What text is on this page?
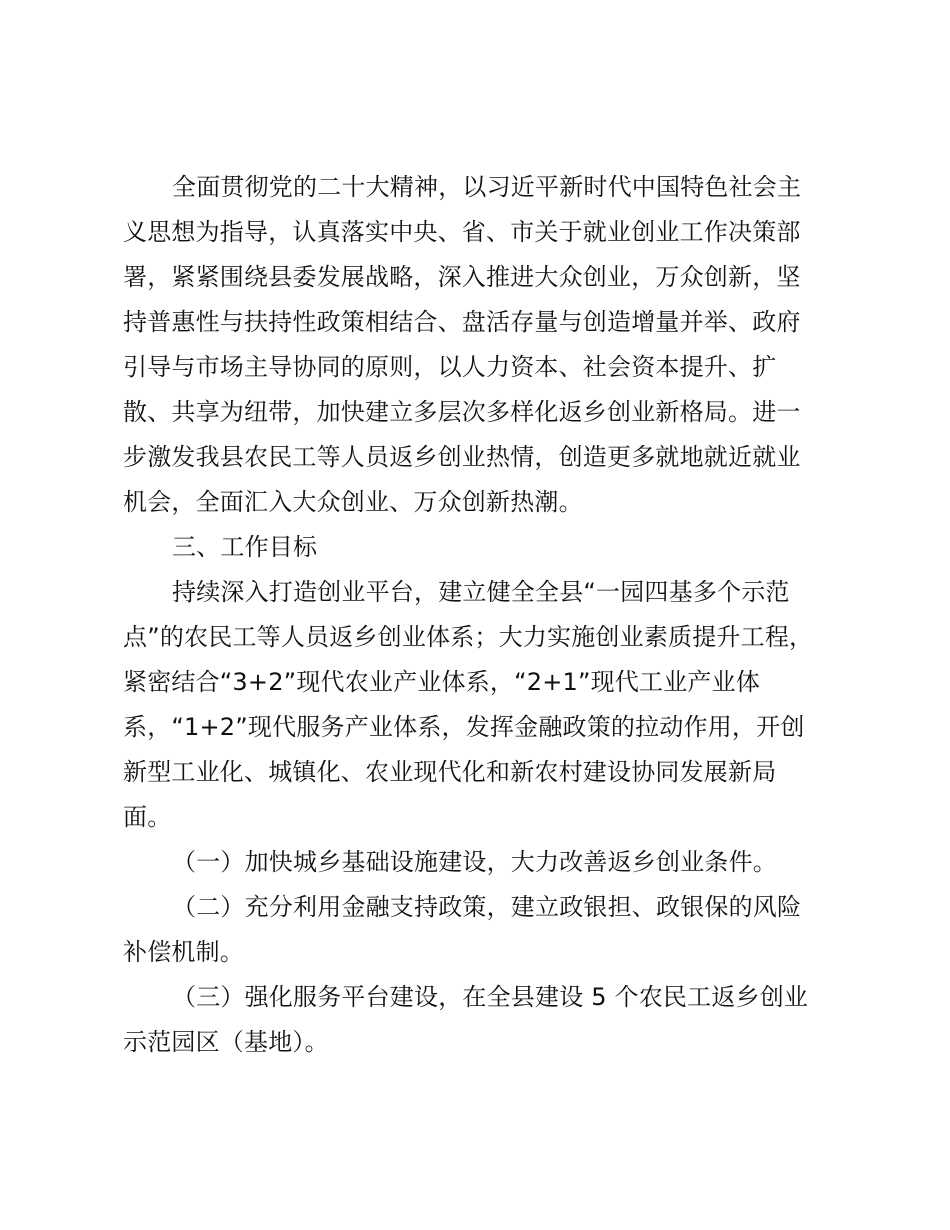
全面贯彻党的二十大精神，以习近平新时代中国特色社会主
义思想为指导，认真落实中央、省、市关于就业创业工作决策部
署，紧紧围绕县委发展战略，深入推进大众创业，万众创新，坚
持普惠性与扶持性政策相结合、盘活存量与创造增量并举、政府
引导与市场主导协同的原则，以人力资本、社会资本提升、扩
散、共享为纽带，加快建立多层次多样化返乡创业新格局。进一
步激发我县农民工等人员返乡创业热情，创造更多就地就近就业
机会，全面汇入大众创业、万众创新热潮。
三、工作目标
持续深入打造创业平台，建立健全全县“一园四基多个示范
点”的农民工等人员返乡创业体系；大力实施创业素质提升工程，
紧密结合“3+2”现代农业产业体系，“2+1”现代工业产业体
系，“1+2”现代服务产业体系，发挥金融政策的拉动作用，开创
新型工业化、城镇化、农业现代化和新农村建设协同发展新局
面。
（一）加快城乡基础设施建设，大力改善返乡创业条件。
（二）充分利用金融支持政策，建立政银担、政银保的风险
补偿机制。
（三）强化服务平台建设，在全县建设 5 个农民工返乡创业
示范园区（基地）。
